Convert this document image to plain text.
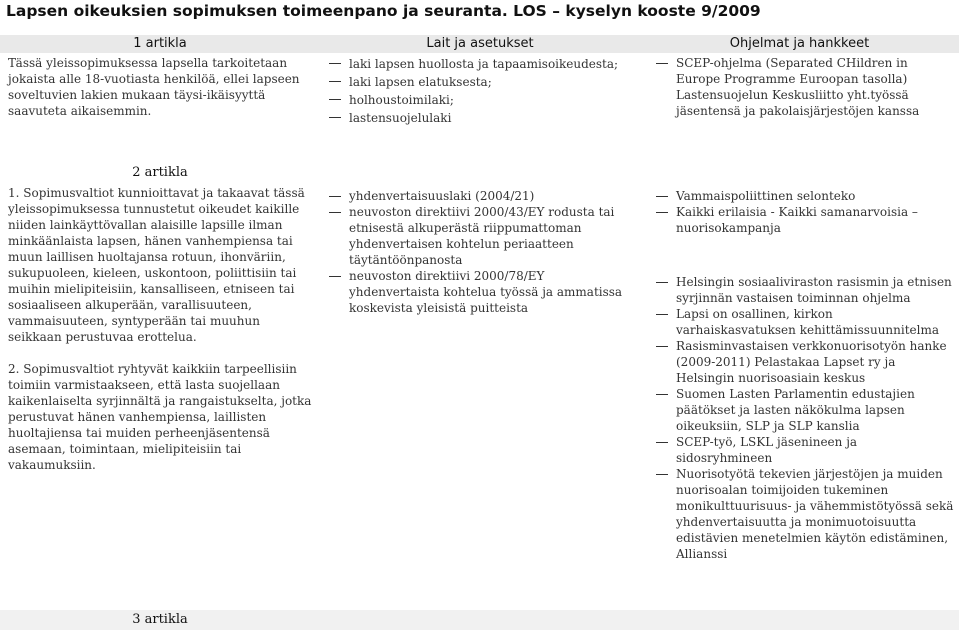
Lapsen oikeuksien sopimuksen toimeenpano ja seuranta. LOS – kyselyn kooste 9/2009
1 artikla	Lait ja asetukset	Ohjelmat ja hankkeet

Tässä yleissopimuksessa lapsella tarkoitetaan jokaista alle 18-vuotiasta henkilöä, ellei lapseen soveltuvien lakien mukaan täysi-ikäisyyttä saavuteta aikaisemmin.

laki lapsen huollosta ja tapaamisoikeudesta;
laki lapsen elatuksesta;
holhoustoimilaki;
lastensuojelulaki
SCEP-ohjelma (Separated CHildren in Europe Programme Euroopan tasolla) Lastensuojelun Keskusliitto yht.työssä jäsentensä ja pakolaisjärjestöjen kanssa
2 artikla

1. Sopimusvaltiot kunnioittavat ja takaavat tässä yleissopimuksessa tunnustetut oikeudet kaikille niiden lainkäyttövallan alaisille lapsille ilman minkäänlaista lapsen, hänen vanhempiensa tai muun laillisen huoltajansa rotuun, ihonväriin, sukupuoleen, kieleen, uskontoon, poliittisiin tai muihin mielipiteisiin, kansalliseen, etniseen tai sosiaaliseen alkuperään, varallisuuteen, vammaisuuteen, syntyperään tai muuhun seikkaan perustuvaa erottelua.

2. Sopimusvaltiot ryhtyvät kaikkiin tarpeellisiin toimiin varmistaakseen, että lasta suojellaan kaikenlaiselta syrjinnältä ja rangaistukselta, jotka perustuvat hänen vanhempiensa, laillisten huoltajiensa tai muiden perheenjäsentensä asemaan, toimintaan, mielipiteisiin tai vakaumuksiin.

yhdenvertaisuuslaki (2004/21)
neuvoston direktiivi 2000/43/EY rodusta tai etnisestä alkuperästä riippumattoman yhdenvertaisen kohtelun periaatteen täytäntöönpanosta
neuvoston direktiivi 2000/78/EY yhdenvertaista kohtelua työssä ja ammatissa koskevista yleisistä puitteista
Vammaispoliittinen selonteko
Kaikki erilaisia - Kaikki samanarvoisia – nuorisokampanja
Helsingin sosiaaliviraston rasismin ja etnisen syrjinnän vastaisen toiminnan ohjelma
Lapsi on osallinen, kirkon varhaiskasvatuksen kehittämissuunnitelma
Rasisminvastaisen verkkonuorisotyön hanke (2009-2011) Pelastakaa Lapset ry ja Helsingin nuorisoasiain keskus
Suomen Lasten Parlamentin edustajien päätökset ja lasten näkökulma lapsen oikeuksiin, SLP ja SLP kanslia
SCEP-työ, LSKL jäsenineen ja sidosryhmineen
Nuorisotyötä tekevien järjestöjen ja muiden nuorisoalan toimijoiden tukeminen monikulttuurisuus- ja vähemmistötyössä sekä yhdenvertaisuutta ja monimuotoisuutta edistävien menetelmien käytön edistäminen, Allianssi
3 artikla
